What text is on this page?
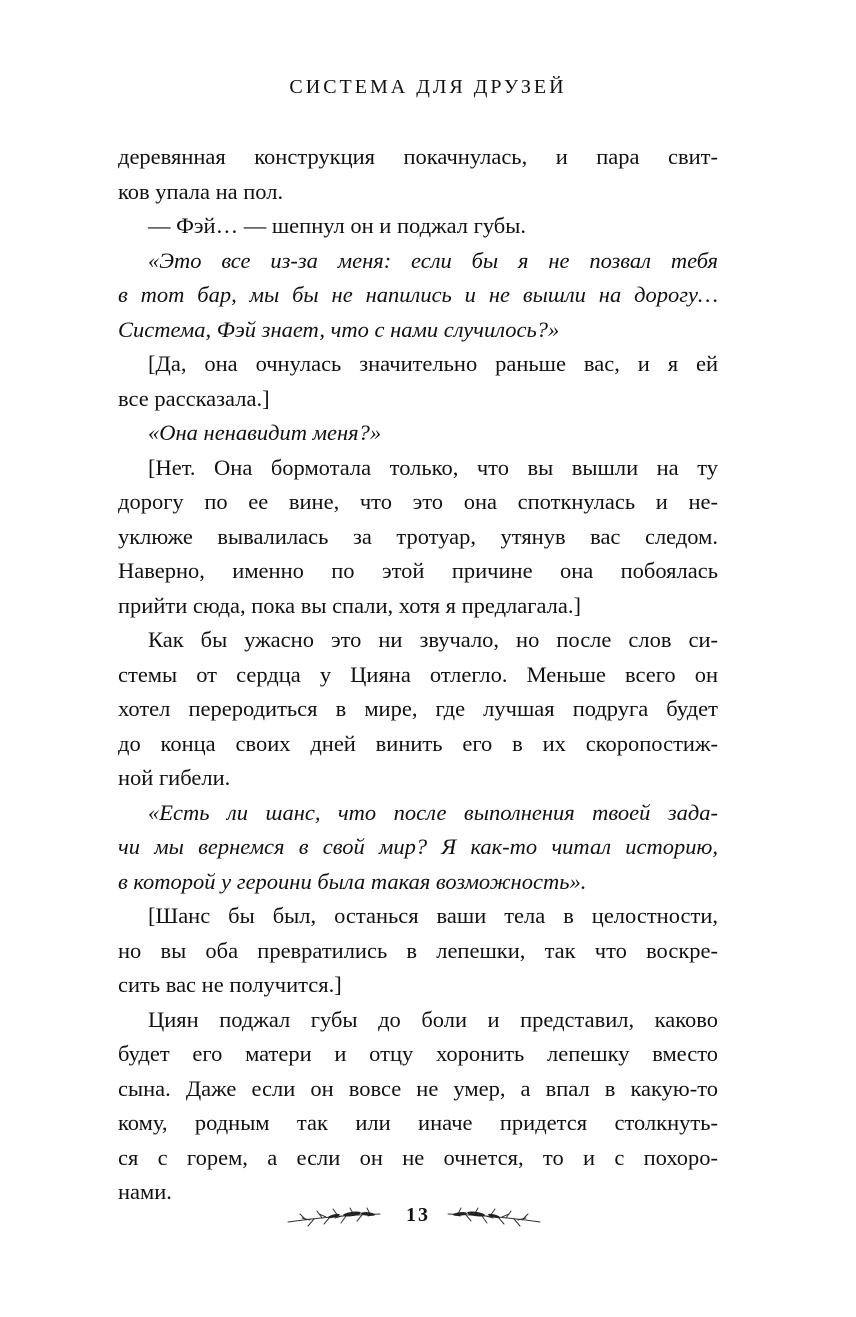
СИСТЕМА ДЛЯ ДРУЗЕЙ
деревянная конструкция покачнулась, и пара свит-
ков упала на пол.
— Фэй… — шепнул он и поджал губы.
«Это все из-за меня: если бы я не позвал тебя
в тот бар, мы бы не напились и не вышли на дорогу…
Система, Фэй знает, что с нами случилось?»
[Да, она очнулась значительно раньше вас, и я ей
все рассказала.]
«Она ненавидит меня?»
[Нет. Она бормотала только, что вы вышли на ту
дорогу по ее вине, что это она споткнулась и не-
уклюже вывалилась за тротуар, утянув вас следом.
Наверно, именно по этой причине она побоялась
прийти сюда, пока вы спали, хотя я предлагала.]
Как бы ужасно это ни звучало, но после слов си-
стемы от сердца у Цияна отлегло. Меньше всего он
хотел переродиться в мире, где лучшая подруга будет
до конца своих дней винить его в их скоропостиж-
ной гибели.
«Есть ли шанс, что после выполнения твоей зада-
чи мы вернемся в свой мир? Я как-то читал историю,
в которой у героини была такая возможность».
[Шанс бы был, останься ваши тела в целостности,
но вы оба превратились в лепешки, так что воскре-
сить вас не получится.]
Циян поджал губы до боли и представил, каково
будет его матери и отцу хоронить лепешку вместо
сына. Даже если он вовсе не умер, а впал в какую-то
кому, родным так или иначе придется столкнуть-
ся с горем, а если он не очнется, то и с похоро-
нами.
13
